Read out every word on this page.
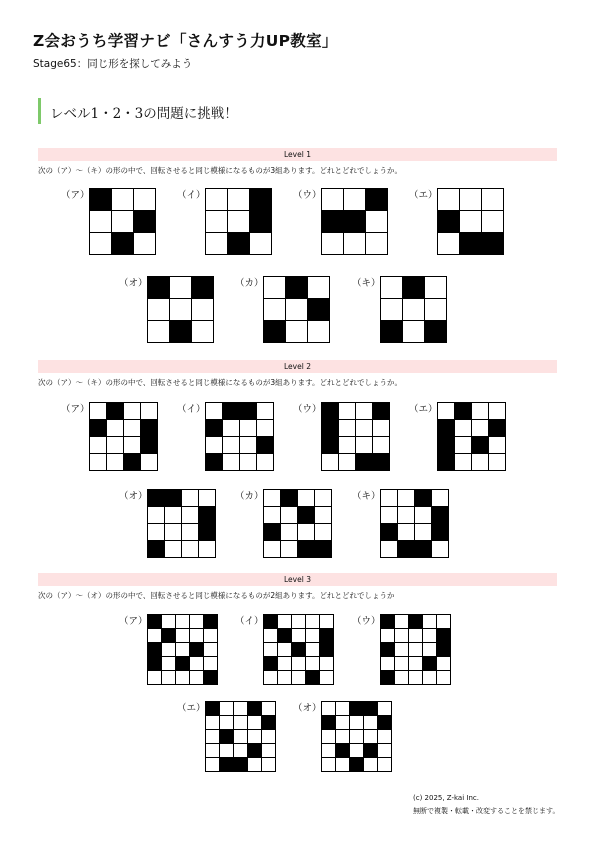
Z会おうち学習ナビ「さんすう力UP教室」
Stage65：同じ形を探してみよう
レベル1・2・3の問題に挑戦！
Level 1
次の（ア）〜（キ）の形の中で、回転させると同じ模様になるものが3組あります。どれとどれでしょうか。
（ア）	（イ）	（ウ）	（エ）
（オ）	（カ）	（キ）
Level 2
次の（ア）〜（キ）の形の中で、回転させると同じ模様になるものが3組あります。どれとどれでしょうか。
（ア）	（イ）	（ウ）	（エ）
（オ）	（カ）	（キ）
Level 3
次の（ア）〜（オ）の形の中で、回転させると同じ模様になるものが2組あります。どれとどれでしょうか
（ア）	（イ）	（ウ）
（エ）	（オ）
(c) 2025, Z-kai Inc.
無断で複製・転載・改変することを禁じます。
